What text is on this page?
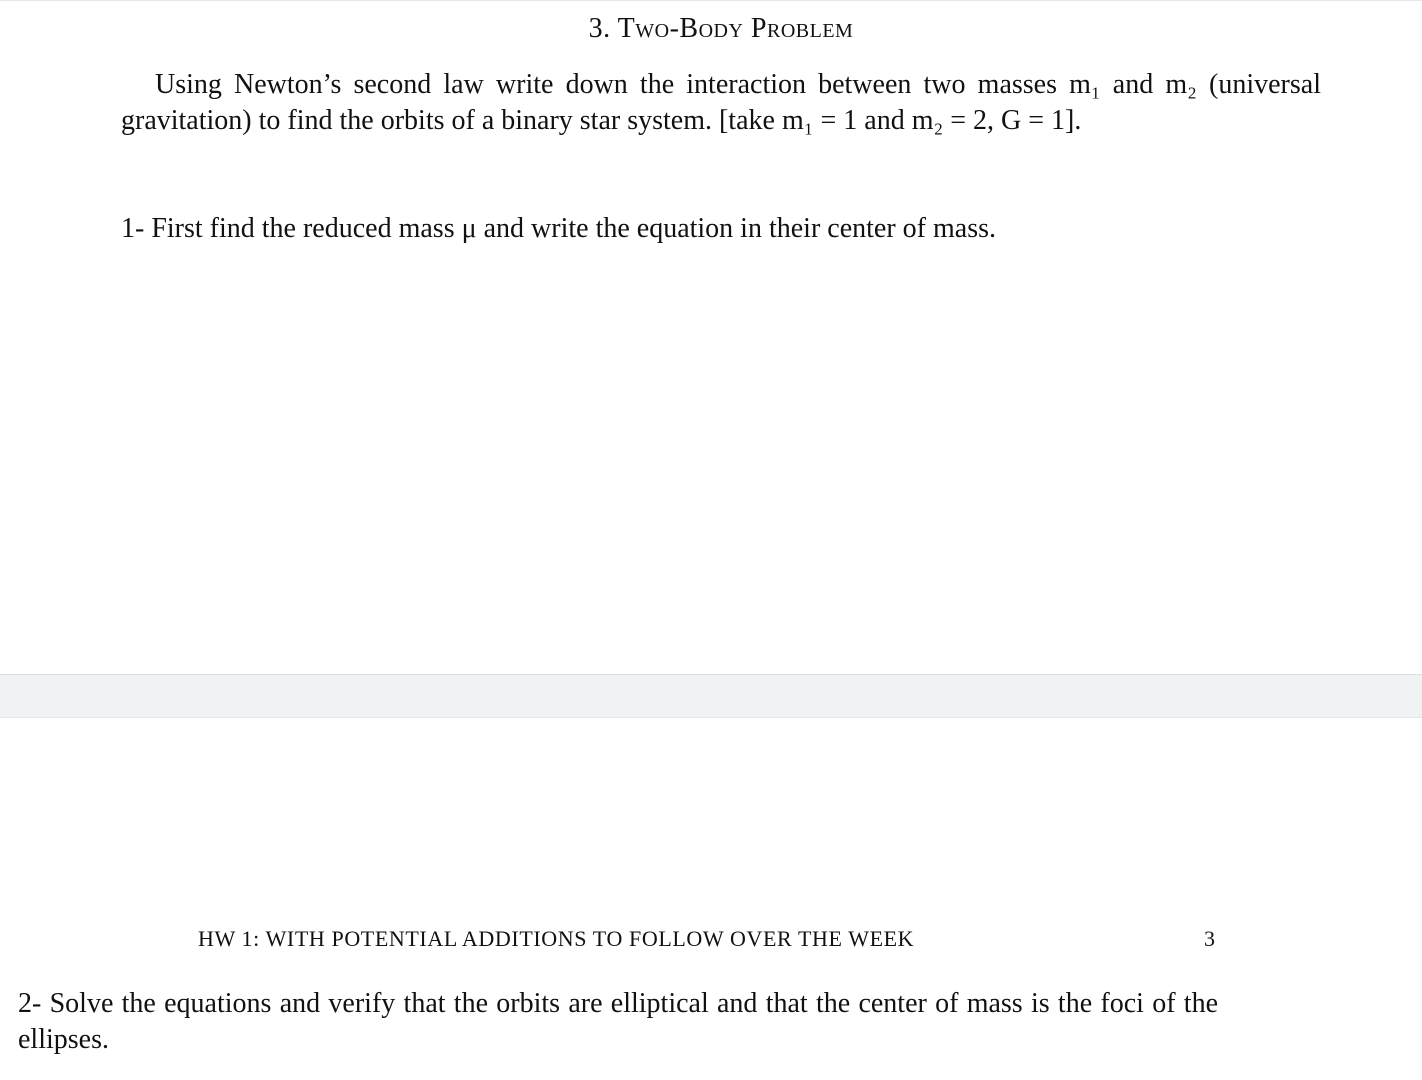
3. Two-Body Problem
Using Newton’s second law write down the interaction between two masses m₁ and m₂ (universal gravitation) to find the orbits of a binary star system. [take m₁ = 1 and m₂ = 2, G = 1].
1- First find the reduced mass μ and write the equation in their center of mass.
HW 1: WITH POTENTIAL ADDITIONS TO FOLLOW OVER THE WEEK	3
2- Solve the equations and verify that the orbits are elliptical and that the center of mass is the foci of the ellipses.
